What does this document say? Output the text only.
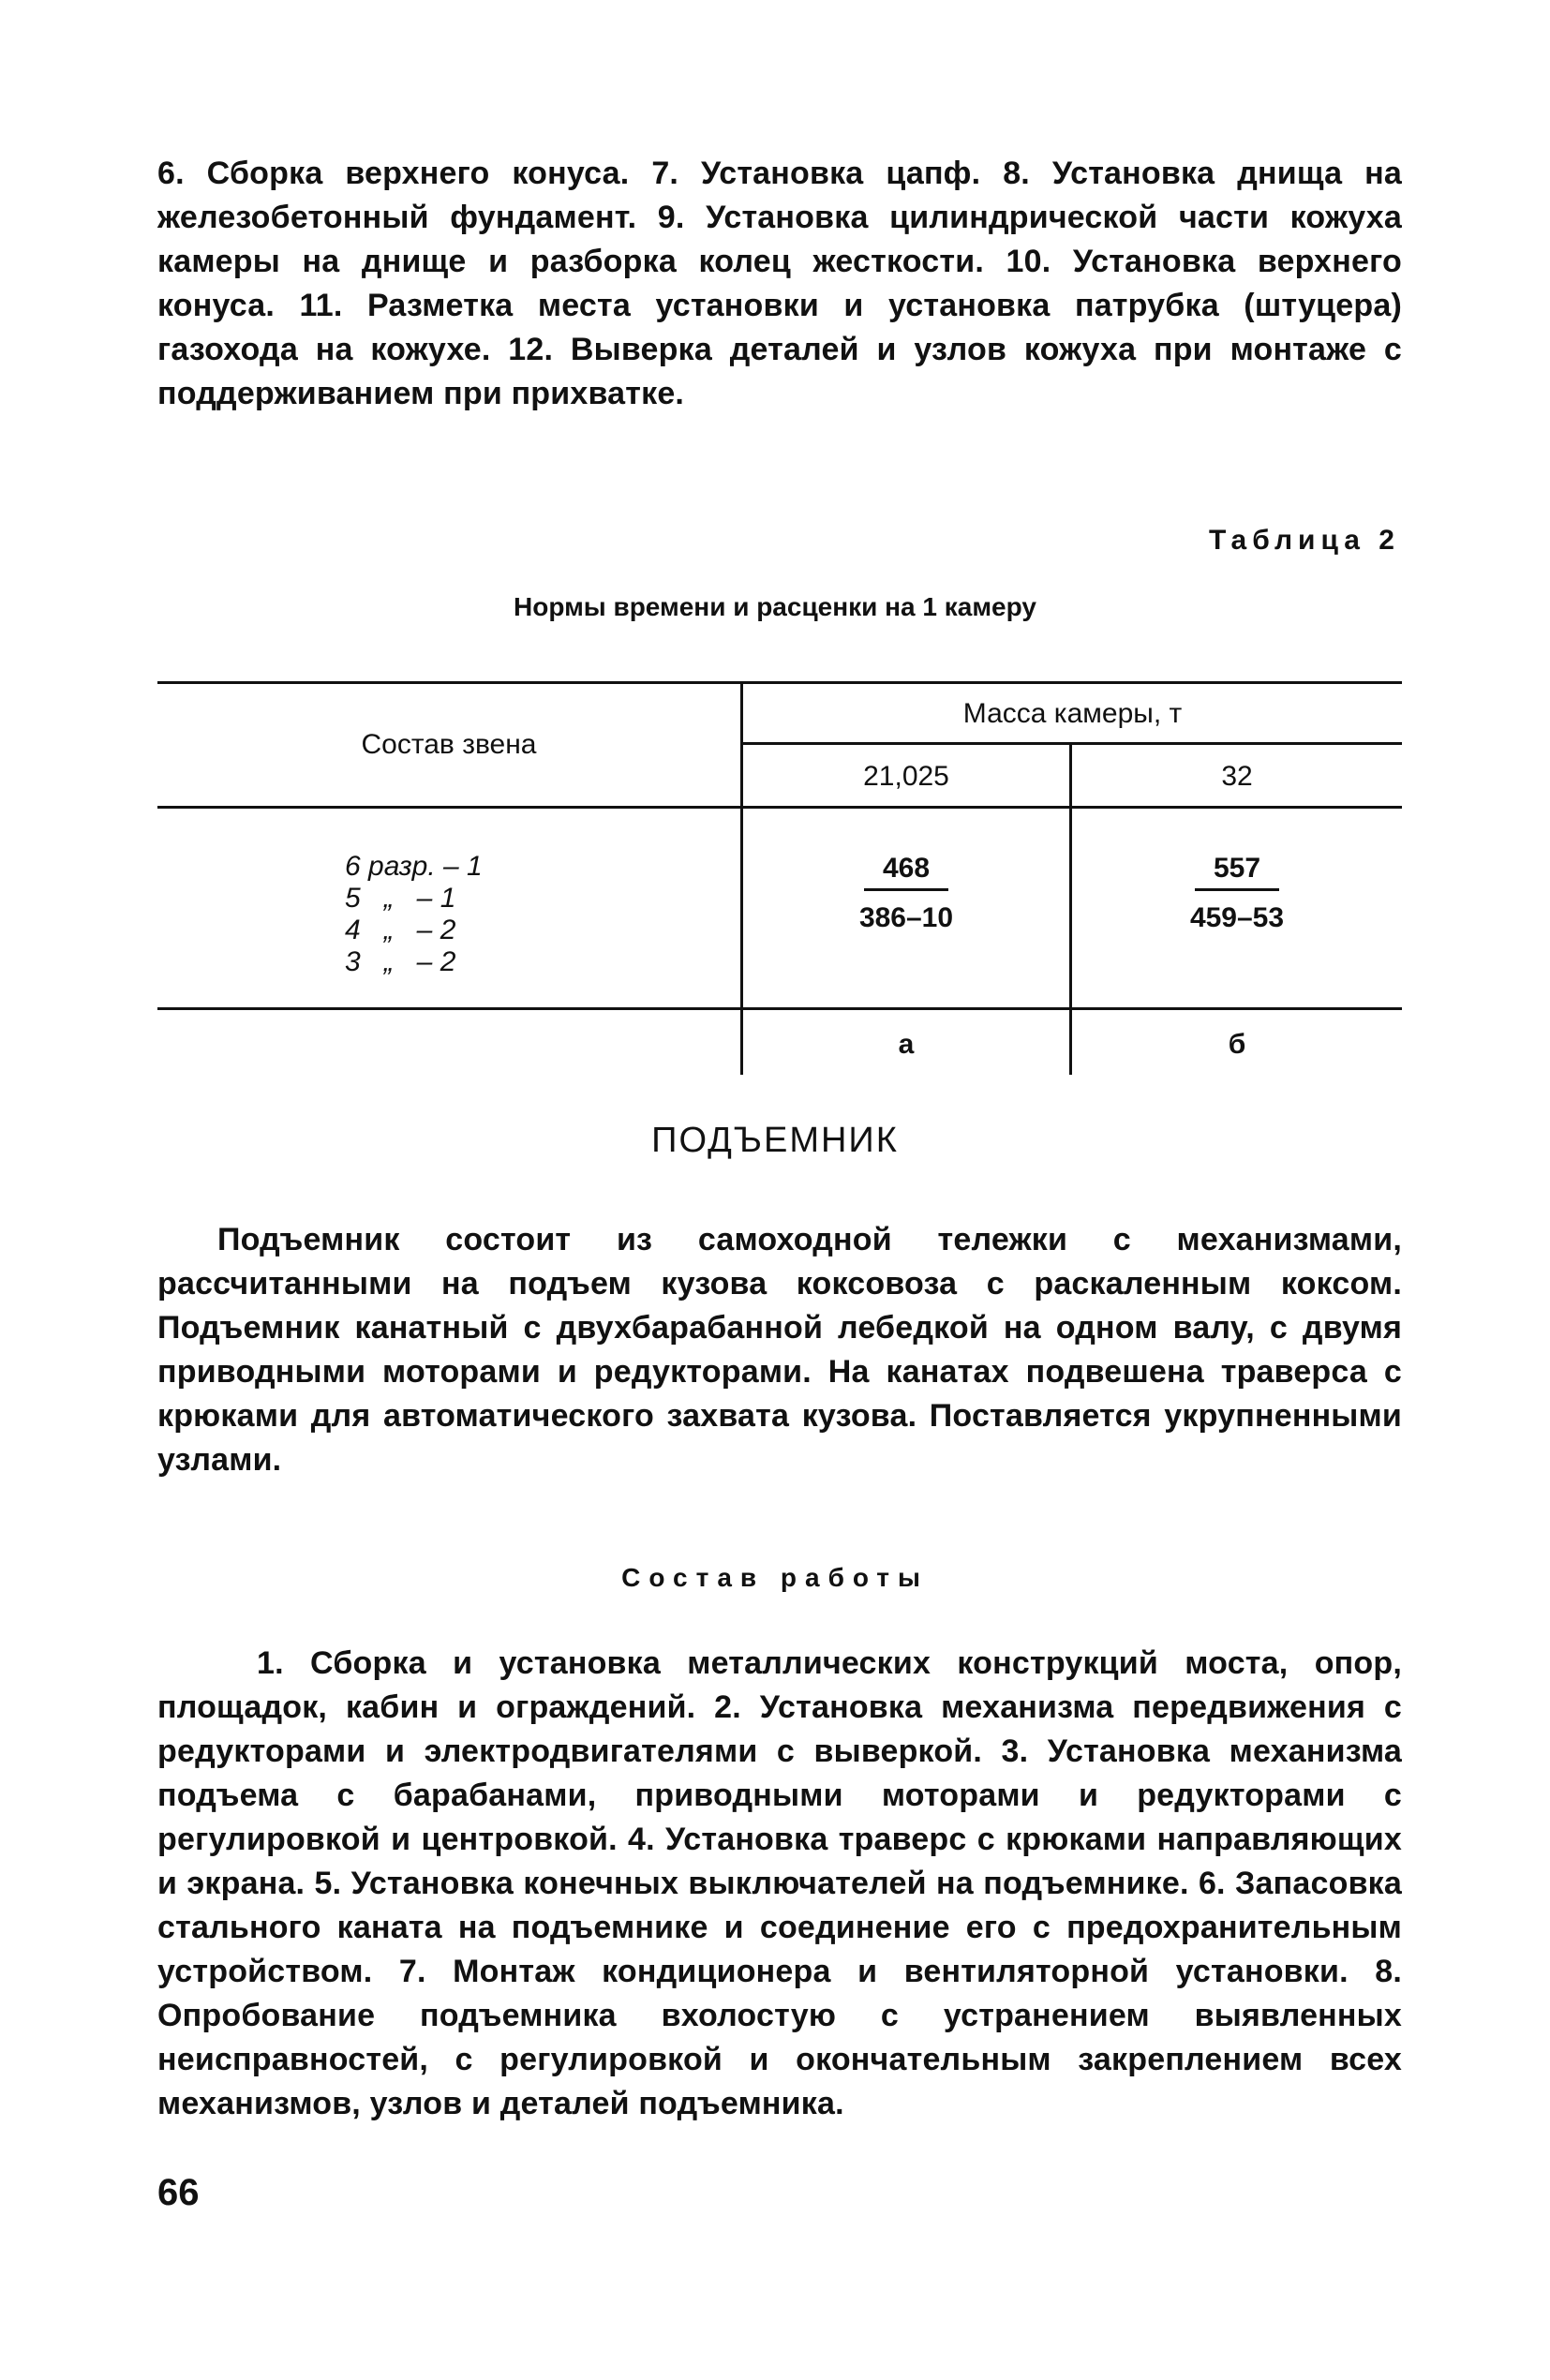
6. Сборка верхнего конуса. 7. Установка цапф. 8. Установка днища на железобетонный фундамент. 9. Установка цилиндрической части кожуха камеры на днище и разборка колец жесткости. 10. Установка верхнего конуса. 11. Разметка места установки и установка патрубка (штуцера) газохода на кожухе. 12. Выверка деталей и узлов кожуха при монтаже с поддерживанием при прихватке.

Таблица 2
Нормы времени и расценки на 1 камеру
Состав звена
Масса камеры, т
21,025	32
6 разр. – 1
5   „   – 1
4   „   – 2
3   „   – 2
$\frac{468}{386-10} \frac{557}{459-53}$
а	б
ПОДЪЕМНИК

Подъемник состоит из самоходной тележки с механизмами, рассчитанными на подъем кузова коксовоза с раскаленным коксом. Подъемник канатный с двухбарабанной лебедкой на одном валу, с двумя приводными моторами и редукторами. На канатах подвешена траверса с крюками для автоматического захвата кузова. Поставляется укрупненными узлами.

Состав работы

1. Сборка и установка металлических конструкций моста, опор, площадок, кабин и ограждений. 2. Установка механизма передвижения с редукторами и электродвигателями с выверкой. 3. Установка механизма подъема с барабанами, приводными моторами и редукторами с регулировкой и центровкой. 4. Установка траверс с крюками направляющих и экрана. 5. Установка конечных выключателей на подъемнике. 6. Запасовка стального каната на подъемнике и соединение его с предохранительным устройством. 7. Монтаж кондиционера и вентиляторной установки. 8. Опробование подъемника вхолостую с устранением выявленных неисправностей, с регулировкой и окончательным закреплением всех механизмов, узлов и деталей подъемника.

66
